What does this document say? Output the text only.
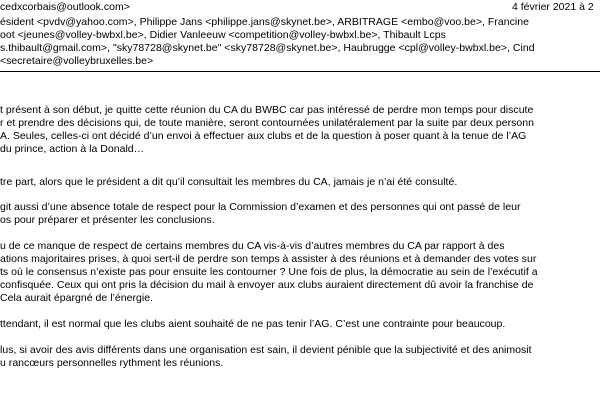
cedxcorbais@outlook.com>	4 février 2021 à 2
ésident <pvdv@yahoo.com>, Philippe Jans <philippe.jans@skynet.be>, ARBITRAGE <embo@voo.be>, Francine
oot <jeunes@volley-bwbxl.be>, Didier Vanleeuw <competition@volley-bwbxl.be>, Thibault Lcps
s.thibault@gmail.com>, "sky78728@skynet.be" <sky78728@skynet.be>, Haubrugge <cpl@volley-bwbxl.be>, Cind
<secretaire@volleybruxelles.be>
t présent à son début, je quitte cette réunion du CA du BWBC car pas intéressé de perdre mon temps pour discute
r et prendre des décisions qui, de toute manière, seront contournées unilatéralement par la suite par deux personn
A. Seules, celles-ci ont décidé d’un envoi à effectuer aux clubs et de la question à poser quant à la tenue de l’AG
du prince, action à la Donald…
tre part, alors que le président a dit qu’il consultait les membres du CA, jamais je n’ai été consulté.
git aussi d’une absence totale de respect pour la Commission d’examen et des personnes qui ont passé de leur
os pour préparer et présenter les conclusions.
u de ce manque de respect de certains membres du CA vis-à-vis d’autres membres du CA par rapport à des
ations majoritaires prises, à quoi sert-il de perdre son temps à assister à des réunions et à demander des votes sur
ts où le consensus n’existe pas pour ensuite les contourner ? Une fois de plus, la démocratie au sein de l’exécutif a
confisquée. Ceux qui ont pris la décision du mail à envoyer aux clubs auraient directement dû avoir la franchise de
Cela aurait épargné de l’énergie.
ttendant, il est normal que les clubs aient souhaité de ne pas tenir l’AG. C’est une contrainte pour beaucoup.
lus, si avoir des avis différents dans une organisation est sain, il devient pénible que la subjectivité et des animosit
u rancœurs personnelles rythment les réunions.
